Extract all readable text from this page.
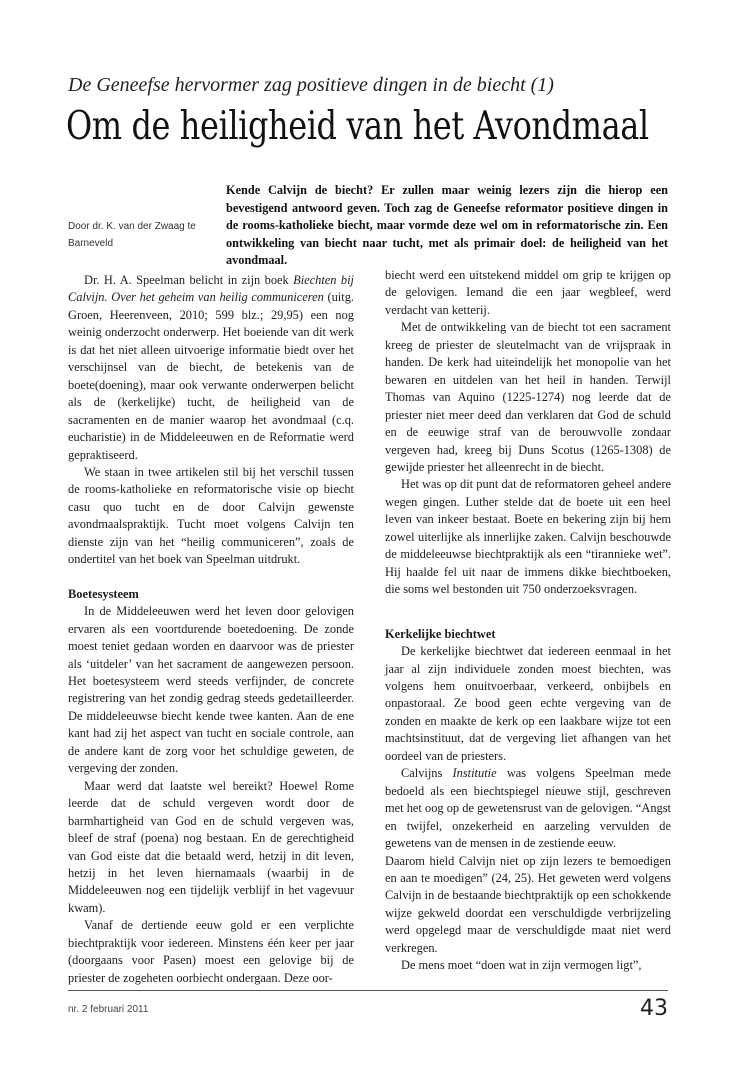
De Geneefse hervormer zag positieve dingen in de biecht (1)
Om de heiligheid van het Avondmaal
Door dr. K. van der Zwaag te Barneveld
Kende Calvijn de biecht? Er zullen maar weinig lezers zijn die hierop een bevestigend antwoord geven. Toch zag de Geneefse reformator positieve dingen in de rooms-katholieke biecht, maar vormde deze wel om in reformatorische zin. Een ontwikkeling van biecht naar tucht, met als primair doel: de heiligheid van het avondmaal.

Dr. H. A. Speelman belicht in zijn boek Biechten bij Calvijn. Over het geheim van heilig communiceren (uitg. Groen, Heerenveen, 2010; 599 blz.; 29,95) een nog weinig onderzocht onderwerp. Het boeiende van dit werk is dat het niet alleen uitvoerige informatie biedt over het verschijnsel van de biecht, de betekenis van de boete(doening), maar ook verwante onderwerpen belicht als de (kerkelijke) tucht, de heiligheid van de sacramenten en de manier waarop het avondmaal (c.q. eucharistie) in de Middeleeuwen en de Reformatie werd gepraktiseerd.

We staan in twee artikelen stil bij het verschil tussen de rooms-katholieke en reformatorische visie op biecht casu quo tucht en de door Calvijn gewenste avondmaalspraktijk. Tucht moet volgens Calvijn ten dienste zijn van het “heilig communiceren”, zoals de ondertitel van het boek van Speelman uitdrukt.

Boetesysteem

In de Middeleeuwen werd het leven door gelovigen ervaren als een voortdurende boetedoening. De zonde moest teniet gedaan worden en daarvoor was de priester als ‘uitdeler’ van het sacrament de aangewezen persoon. Het boetesysteem werd steeds verfijnder, de concrete registrering van het zondig gedrag steeds gedetailleerder. De middeleeuwse biecht kende twee kanten. Aan de ene kant had zij het aspect van tucht en sociale controle, aan de andere kant de zorg voor het schuldige geweten, de vergeving der zonden.

Maar werd dat laatste wel bereikt? Hoewel Rome leerde dat de schuld vergeven wordt door de barmhartigheid van God en de schuld vergeven was, bleef de straf (poena) nog bestaan. En de gerechtigheid van God eiste dat die betaald werd, hetzij in dit leven, hetzij in het leven hiernamaals (waarbij in de Middeleeuwen nog een tijdelijk verblijf in het vagevuur kwam).

Vanaf de dertiende eeuw gold er een verplichte biechtpraktijk voor iedereen. Minstens één keer per jaar (doorgaans voor Pasen) moest een gelovige bij de priester de zogeheten oorbiecht ondergaan. Deze oor-

biecht werd een uitstekend middel om grip te krijgen op de gelovigen. Iemand die een jaar wegbleef, werd verdacht van ketterij.

Met de ontwikkeling van de biecht tot een sacrament kreeg de priester de sleutelmacht van de vrijspraak in handen. De kerk had uiteindelijk het monopolie van het bewaren en uitdelen van het heil in handen. Terwijl Thomas van Aquino (1225-1274) nog leerde dat de priester niet meer deed dan verklaren dat God de schuld en de eeuwige straf van de berouwvolle zondaar vergeven had, kreeg bij Duns Scotus (1265-1308) de gewijde priester het alleenrecht in de biecht.

Het was op dit punt dat de reformatoren geheel andere wegen gingen. Luther stelde dat de boete uit een heel leven van inkeer bestaat. Boete en bekering zijn bij hem zowel uiterlijke als innerlijke zaken. Calvijn beschouwde de middeleeuwse biechtpraktijk als een “tirannieke wet”. Hij haalde fel uit naar de immens dikke biechtboeken, die soms wel bestonden uit 750 onderzoeksvragen.

Kerkelijke biechtwet

De kerkelijke biechtwet dat iedereen eenmaal in het jaar al zijn individuele zonden moest biechten, was volgens hem onuitvoerbaar, verkeerd, onbijbels en onpastoraal. Ze bood geen echte vergeving van de zonden en maakte de kerk op een laakbare wijze tot een machtsinstituut, dat de vergeving liet afhangen van het oordeel van de priesters.

Calvijns Institutie was volgens Speelman mede bedoeld als een biechtspiegel nieuwe stijl, geschreven met het oog op de gewetensrust van de gelovigen. “Angst en twijfel, onzekerheid en aarzeling vervulden de gewetens van de mensen in de zestiende eeuw.

Daarom hield Calvijn niet op zijn lezers te bemoedigen en aan te moedigen” (24, 25). Het geweten werd volgens Calvijn in de bestaande biechtpraktijk op een schokkende wijze gekweld doordat een verschuldigde verbrijzeling werd opgelegd maar de verschuldigde maat niet werd verkregen.

De mens moet “doen wat in zijn vermogen ligt”,

nr. 2 februari 2011	43
